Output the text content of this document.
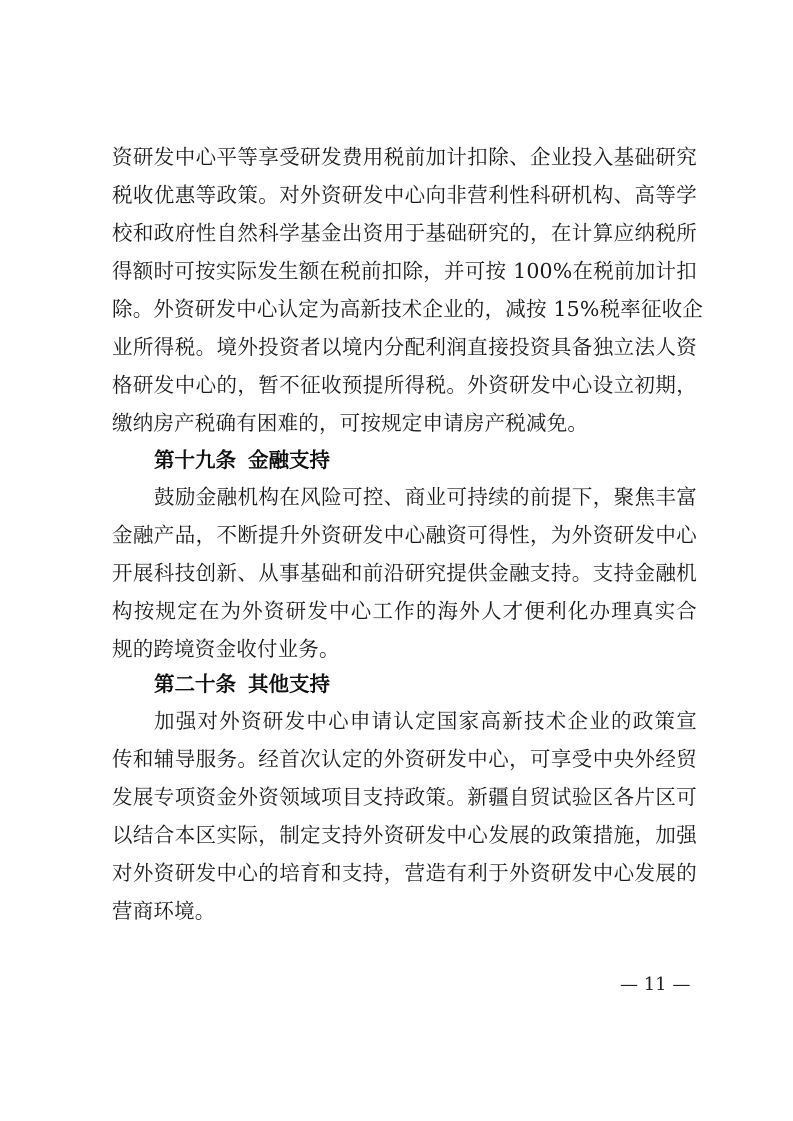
资研发中心平等享受研发费用税前加计扣除、企业投入基础研究
税收优惠等政策。对外资研发中心向非营利性科研机构、高等学
校和政府性自然科学基金出资用于基础研究的，在计算应纳税所
得额时可按实际发生额在税前扣除，并可按 100%在税前加计扣
除。外资研发中心认定为高新技术企业的，减按 15%税率征收企
业所得税。境外投资者以境内分配利润直接投资具备独立法人资
格研发中心的，暂不征收预提所得税。外资研发中心设立初期，
缴纳房产税确有困难的，可按规定申请房产税减免。
第十九条 金融支持
鼓励金融机构在风险可控、商业可持续的前提下，聚焦丰富
金融产品，不断提升外资研发中心融资可得性，为外资研发中心
开展科技创新、从事基础和前沿研究提供金融支持。支持金融机
构按规定在为外资研发中心工作的海外人才便利化办理真实合
规的跨境资金收付业务。
第二十条 其他支持
加强对外资研发中心申请认定国家高新技术企业的政策宣
传和辅导服务。经首次认定的外资研发中心，可享受中央外经贸
发展专项资金外资领域项目支持政策。新疆自贸试验区各片区可
以结合本区实际，制定支持外资研发中心发展的政策措施，加强
对外资研发中心的培育和支持，营造有利于外资研发中心发展的
营商环境。
— 11 —
